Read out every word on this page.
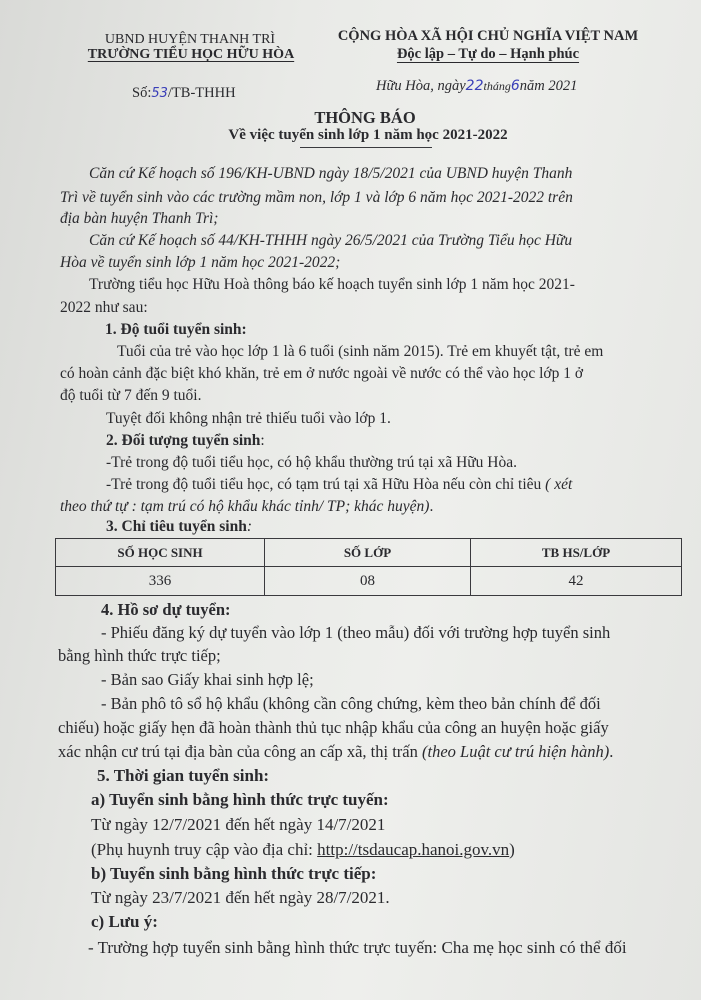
UBND HUYỆN THANH TRÌ
TRƯỜNG TIỂU HỌC HỮU HÒA
CỘNG HÒA XÃ HỘI CHỦ NGHĨA VIỆT NAM
Độc lập – Tự do – Hạnh phúc
Số:53/TB-THHH	Hữu Hòa, ngày22tháng6năm 2021
THÔNG BÁO
Về việc tuyển sinh lớp 1 năm học 2021-2022
Căn cứ Kế hoạch số 196/KH-UBND ngày 18/5/2021 của UBND huyện Thanh
Trì về tuyển sinh vào các trường mầm non, lớp 1 và lớp 6 năm học 2021-2022 trên
địa bàn huyện Thanh Trì;
Căn cứ Kế hoạch số 44/KH-THHH ngày 26/5/2021 của Trường Tiểu học Hữu
Hòa về tuyển sinh lớp 1 năm học 2021-2022;
Trường tiểu học Hữu Hoà thông báo kế hoạch tuyển sinh lớp 1 năm học 2021-
2022 như sau:
1. Độ tuổi tuyển sinh:
Tuổi của trẻ vào học lớp 1 là 6 tuổi (sinh năm 2015). Trẻ em khuyết tật, trẻ em
có hoàn cảnh đặc biệt khó khăn, trẻ em ở nước ngoài về nước có thể vào học lớp 1 ở
độ tuổi từ 7 đến 9 tuổi.
Tuyệt đối không nhận trẻ thiếu tuổi vào lớp 1.
2. Đối tượng tuyển sinh:
-Trẻ trong độ tuổi tiểu học, có hộ khẩu thường trú tại xã Hữu Hòa.
-Trẻ trong độ tuổi tiểu học, có tạm trú tại xã Hữu Hòa nếu còn chỉ tiêu ( xét
theo thứ tự : tạm trú có hộ khẩu khác tỉnh/ TP; khác huyện).
3. Chỉ tiêu tuyển sinh:
SỐ HỌC SINH	SỐ LỚP	TB HS/LỚP
336	08	42
4. Hồ sơ dự tuyển:
- Phiếu đăng ký dự tuyển vào lớp 1 (theo mẫu) đối với trường hợp tuyển sinh
bằng hình thức trực tiếp;
- Bản sao Giấy khai sinh hợp lệ;
- Bản phô tô sổ hộ khẩu (không cần công chứng, kèm theo bản chính để đối
chiếu) hoặc giấy hẹn đã hoàn thành thủ tục nhập khẩu của công an huyện hoặc giấy
xác nhận cư trú tại địa bàn của công an cấp xã, thị trấn (theo Luật cư trú hiện hành).
5. Thời gian tuyển sinh:
a) Tuyển sinh bằng hình thức trực tuyến:
Từ ngày 12/7/2021 đến hết ngày 14/7/2021
(Phụ huynh truy cập vào địa chỉ: http://tsdaucap.hanoi.gov.vn)
b) Tuyển sinh bằng hình thức trực tiếp:
Từ ngày 23/7/2021 đến hết ngày 28/7/2021.
c) Lưu ý:
- Trường hợp tuyển sinh bằng hình thức trực tuyến: Cha mẹ học sinh có thể đối
